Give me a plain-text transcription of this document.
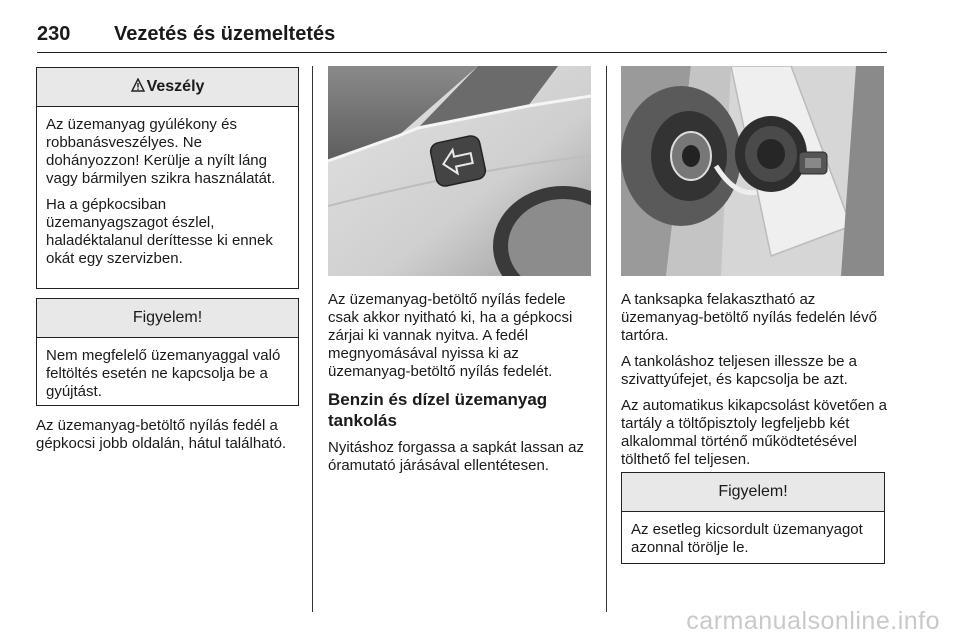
230 Vezetés és üzemeltetés
Veszély

Az üzemanyag gyúlékony és robbanásveszélyes. Ne dohányozzon! Kerülje a nyílt láng vagy bármilyen szikra használatát.

Ha a gépkocsiban üzemanyagszagot észlel, haladéktalanul deríttesse ki ennek okát egy szervizben.

Figyelem!

Nem megfelelő üzemanyaggal való feltöltés esetén ne kapcsolja be a gyújtást.

Az üzemanyag-betöltő nyílás fedél a gépkocsi jobb oldalán, hátul található.

Az üzemanyag-betöltő nyílás fedele csak akkor nyitható ki, ha a gépkocsi zárjai ki vannak nyitva. A fedél megnyomásával nyissa ki az üzemanyag-betöltő nyílás fedelét.

Benzin és dízel üzemanyag tankolás

Nyitáshoz forgassa a sapkát lassan az óramutató járásával ellentétesen.

A tanksapka felakasztható az üzemanyag-betöltő nyílás fedelén lévő tartóra.

A tankoláshoz teljesen illessze be a szivattyúfejet, és kapcsolja be azt.

Az automatikus kikapcsolást követően a tartály a töltőpisztoly legfeljebb két alkalommal történő működtetésével tölthető fel teljesen.

Figyelem!

Az esetleg kicsordult üzemanyagot azonnal törölje le.

carmanualsonline.info
